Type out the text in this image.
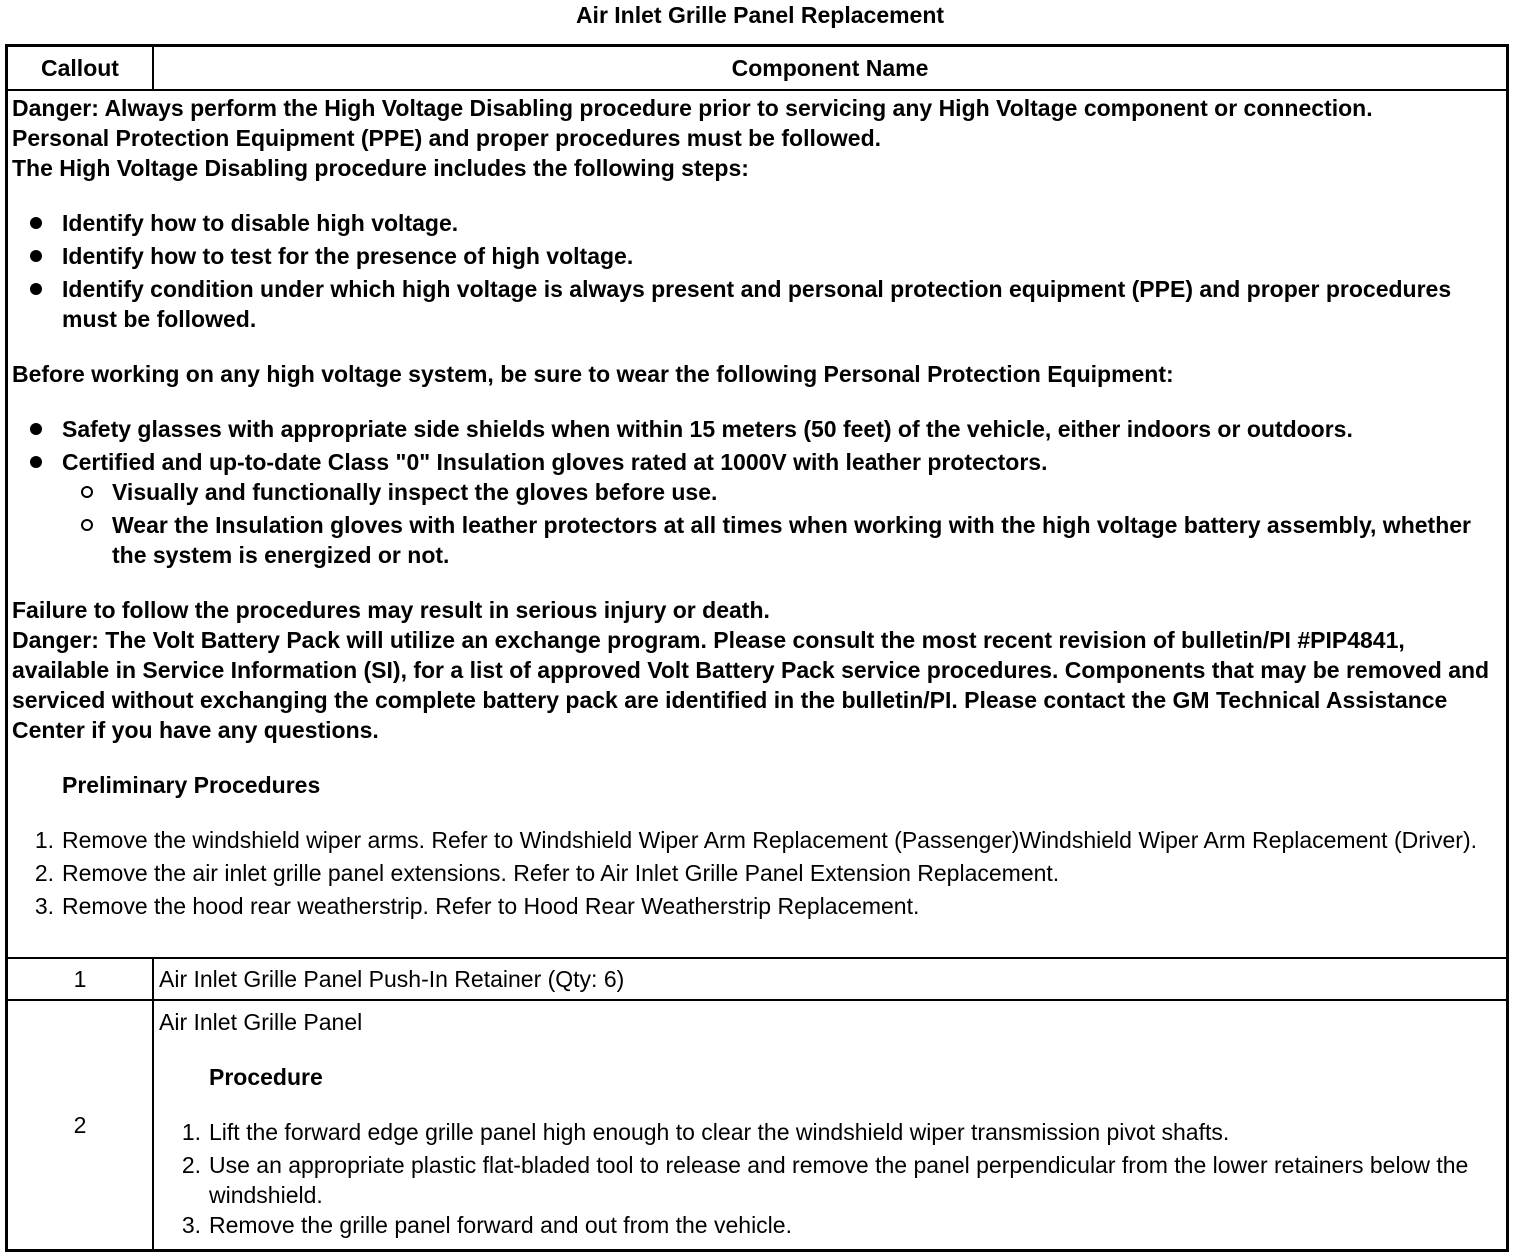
Air Inlet Grille Panel Replacement
Callout	Component Name

Danger: Always perform the High Voltage Disabling procedure prior to servicing any High Voltage component or connection.

Personal Protection Equipment (PPE) and proper procedures must be followed.

The High Voltage Disabling procedure includes the following steps:

Identify how to disable high voltage.
Identify how to test for the presence of high voltage.
Identify condition under which high voltage is always present and personal protection equipment (PPE) and proper procedures must be followed.

Before working on any high voltage system, be sure to wear the following Personal Protection Equipment:

Safety glasses with appropriate side shields when within 15 meters (50 feet) of the vehicle, either indoors or outdoors.
Certified and up-to-date Class "0" Insulation gloves rated at 1000V with leather protectors.
Visually and functionally inspect the gloves before use.
Wear the Insulation gloves with leather protectors at all times when working with the high voltage battery assembly, whether the system is energized or not.

Failure to follow the procedures may result in serious injury or death.

Danger: The Volt Battery Pack will utilize an exchange program. Please consult the most recent revision of bulletin/PI #PIP4841, available in Service Information (SI), for a list of approved Volt Battery Pack service procedures. Components that may be removed and serviced without exchanging the complete battery pack are identified in the bulletin/PI. Please contact the GM Technical Assistance Center if you have any questions.

Preliminary Procedures

1. Remove the windshield wiper arms. Refer to Windshield Wiper Arm Replacement (Passenger)Windshield Wiper Arm Replacement (Driver).
2. Remove the air inlet grille panel extensions. Refer to Air Inlet Grille Panel Extension Replacement.
3. Remove the hood rear weatherstrip. Refer to Hood Rear Weatherstrip Replacement.
1	Air Inlet Grille Panel Push-In Retainer (Qty: 6)
2

Air Inlet Grille Panel

Procedure

1. Lift the forward edge grille panel high enough to clear the windshield wiper transmission pivot shafts.
2. Use an appropriate plastic flat-bladed tool to release and remove the panel perpendicular from the lower retainers below the windshield.
3. Remove the grille panel forward and out from the vehicle.
